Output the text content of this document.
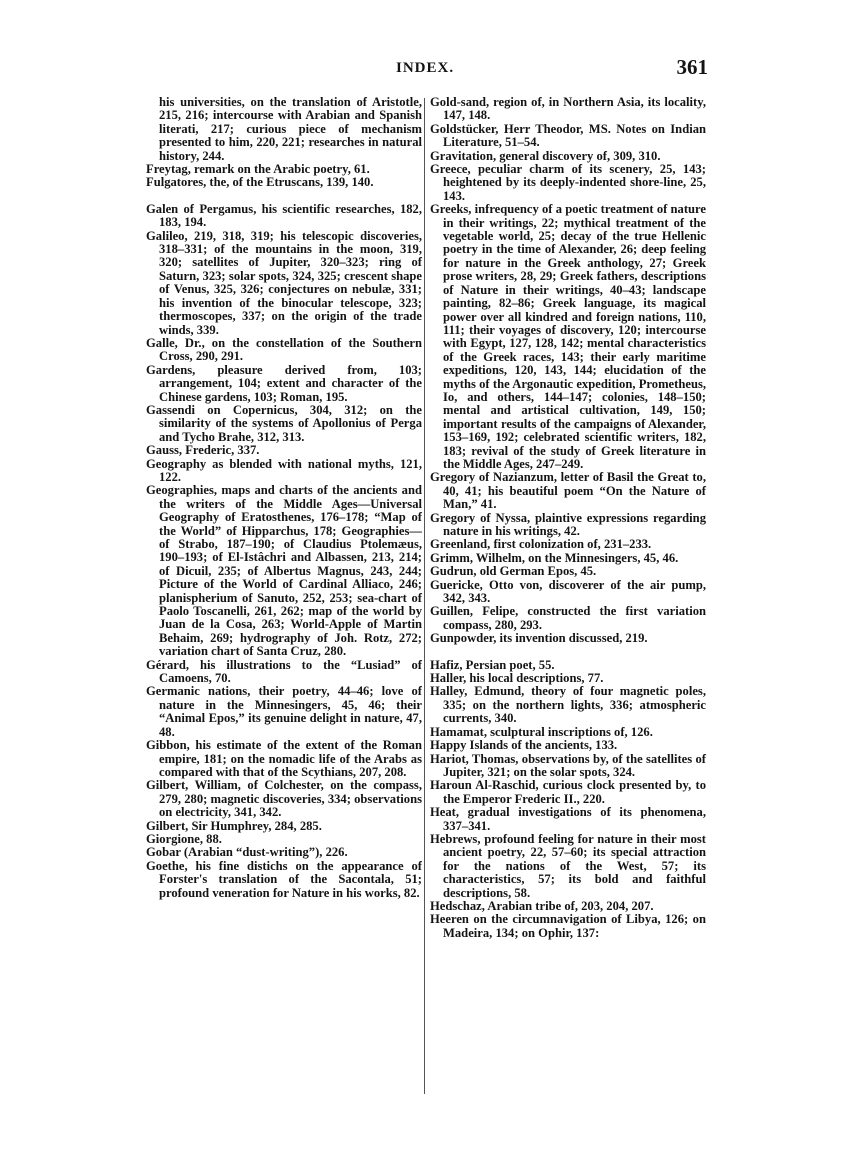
INDEX.	361

his universities, on the translation of Aristotle, 215, 216; intercourse with Arabian and Spanish literati, 217; curious piece of mechanism presented to him, 220, 221; researches in natural history, 244.

Freytag, remark on the Arabic poetry, 61.

Fulgatores, the, of the Etruscans, 139, 140.

Galen of Pergamus, his scientific researches, 182, 183, 194.

Galileo, 219, 318, 319; his telescopic discoveries, 318–331; of the mountains in the moon, 319, 320; satellites of Jupiter, 320–323; ring of Saturn, 323; solar spots, 324, 325; crescent shape of Venus, 325, 326; conjectures on nebulæ, 331; his invention of the binocular telescope, 323; thermoscopes, 337; on the origin of the trade winds, 339.

Galle, Dr., on the constellation of the Southern Cross, 290, 291.

Gardens, pleasure derived from, 103; arrangement, 104; extent and character of the Chinese gardens, 103; Roman, 195.

Gassendi on Copernicus, 304, 312; on the similarity of the systems of Apollonius of Perga and Tycho Brahe, 312, 313.

Gauss, Frederic, 337.

Geography as blended with national myths, 121, 122.

Geographies, maps and charts of the ancients and the writers of the Middle Ages—Universal Geography of Eratosthenes, 176–178; “Map of the World” of Hipparchus, 178; Geographies—of Strabo, 187–190; of Claudius Ptolemæus, 190–193; of El-Istâchri and Albassen, 213, 214; of Dicuil, 235; of Albertus Magnus, 243, 244; Picture of the World of Cardinal Alliaco, 246; planispherium of Sanuto, 252, 253; sea-chart of Paolo Toscanelli, 261, 262; map of the world by Juan de la Cosa, 263; World-Apple of Martin Behaim, 269; hydrography of Joh. Rotz, 272; variation chart of Santa Cruz, 280.

Gérard, his illustrations to the “Lusiad” of Camoens, 70.

Germanic nations, their poetry, 44–46; love of nature in the Minnesingers, 45, 46; their “Animal Epos,” its genuine delight in nature, 47, 48.

Gibbon, his estimate of the extent of the Roman empire, 181; on the nomadic life of the Arabs as compared with that of the Scythians, 207, 208.

Gilbert, William, of Colchester, on the compass, 279, 280; magnetic discoveries, 334; observations on electricity, 341, 342.

Gilbert, Sir Humphrey, 284, 285.

Giorgione, 88.

Gobar (Arabian “dust-writing”), 226.

Goethe, his fine distichs on the appearance of Forster's translation of the Sacontala, 51; profound veneration for Nature in his works, 82.

Gold-sand, region of, in Northern Asia, its locality, 147, 148.

Goldstücker, Herr Theodor, MS. Notes on Indian Literature, 51–54.

Gravitation, general discovery of, 309, 310.

Greece, peculiar charm of its scenery, 25, 143; heightened by its deeply-indented shore-line, 25, 143.

Greeks, infrequency of a poetic treatment of nature in their writings, 22; mythical treatment of the vegetable world, 25; decay of the true Hellenic poetry in the time of Alexander, 26; deep feeling for nature in the Greek anthology, 27; Greek prose writers, 28, 29; Greek fathers, descriptions of Nature in their writings, 40–43; landscape painting, 82–86; Greek language, its magical power over all kindred and foreign nations, 110, 111; their voyages of discovery, 120; intercourse with Egypt, 127, 128, 142; mental characteristics of the Greek races, 143; their early maritime expeditions, 120, 143, 144; elucidation of the myths of the Argonautic expedition, Prometheus, Io, and others, 144–147; colonies, 148–150; mental and artistical cultivation, 149, 150; important results of the campaigns of Alexander, 153–169, 192; celebrated scientific writers, 182, 183; revival of the study of Greek literature in the Middle Ages, 247–249.

Gregory of Nazianzum, letter of Basil the Great to, 40, 41; his beautiful poem “On the Nature of Man,” 41.

Gregory of Nyssa, plaintive expressions regarding nature in his writings, 42.

Greenland, first colonization of, 231–233.

Grimm, Wilhelm, on the Minnesingers, 45, 46.

Gudrun, old German Epos, 45.

Guericke, Otto von, discoverer of the air pump, 342, 343.

Guillen, Felipe, constructed the first variation compass, 280, 293.

Gunpowder, its invention discussed, 219.

Hafiz, Persian poet, 55.

Haller, his local descriptions, 77.

Halley, Edmund, theory of four magnetic poles, 335; on the northern lights, 336; atmospheric currents, 340.

Hamamat, sculptural inscriptions of, 126.

Happy Islands of the ancients, 133.

Hariot, Thomas, observations by, of the satellites of Jupiter, 321; on the solar spots, 324.

Haroun Al-Raschid, curious clock presented by, to the Emperor Frederic II., 220.

Heat, gradual investigations of its phenomena, 337–341.

Hebrews, profound feeling for nature in their most ancient poetry, 22, 57–60; its special attraction for the nations of the West, 57; its characteristics, 57; its bold and faithful descriptions, 58.

Hedschaz, Arabian tribe of, 203, 204, 207.

Heeren on the circumnavigation of Libya, 126; on Madeira, 134; on Ophir, 137:
